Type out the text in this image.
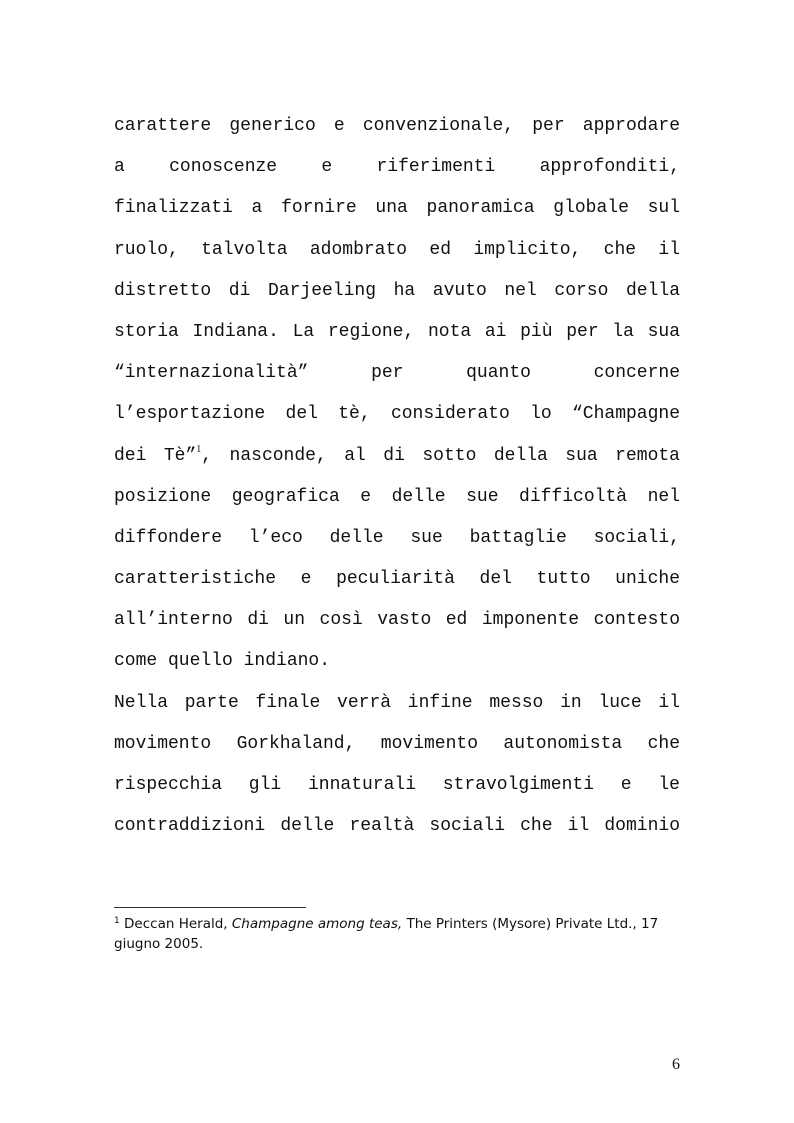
carattere generico e convenzionale, per approdare
a conoscenze e riferimenti approfonditi,
finalizzati a fornire una panoramica globale sul
ruolo, talvolta adombrato ed implicito, che il
distretto di Darjeeling ha avuto nel corso della
storia Indiana. La regione, nota ai più per la sua
“internazionalità” per quanto concerne
l’esportazione del tè, considerato lo “Champagne
dei Tè”$^1$, nasconde, al di sotto della sua remota
posizione geografica e delle sue difficoltà nel
diffondere l’eco delle sue battaglie sociali,
caratteristiche e peculiarità del tutto uniche
all’interno di un così vasto ed imponente contesto
come quello indiano.
Nella parte finale verrà infine messo in luce il
movimento Gorkhaland, movimento autonomista che
rispecchia gli innaturali stravolgimenti e le
contraddizioni delle realtà sociali che il dominio
$^1$ Deccan Herald, Champagne among teas, The Printers (Mysore) Private Ltd., 17 giugno 2005.
6
